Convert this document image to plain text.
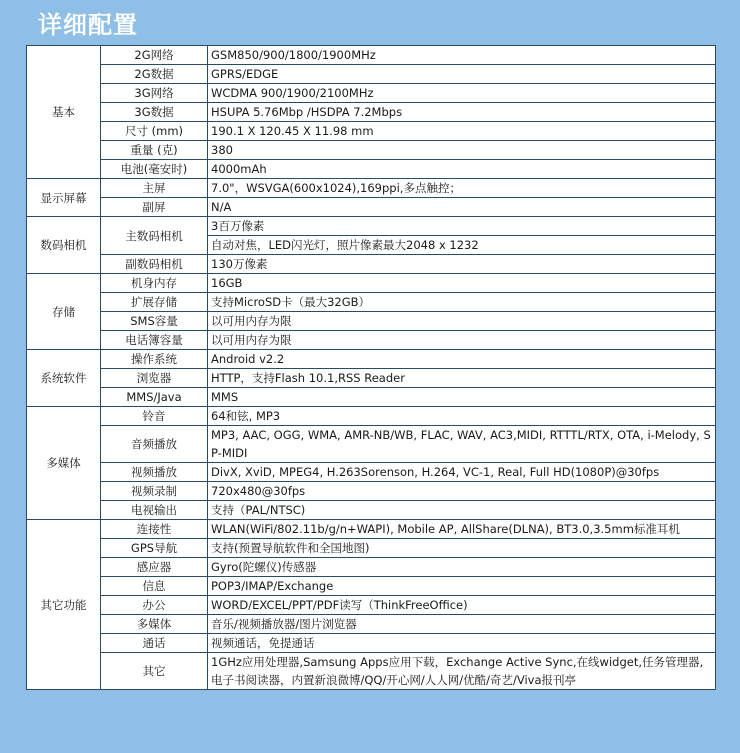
详细配置
基本	2G网络	GSM850/900/1800/1900MHz
	2G数据	GPRS/EDGE
	3G网络	WCDMA 900/1900/2100MHz
	3G数据	HSUPA 5.76Mbp /HSDPA 7.2Mbps
	尺寸 (mm)	190.1 X 120.45 X 11.98 mm
	重量 (克)	380
	电池(毫安时)	4000mAh
显示屏幕	主屏	7.0"，WSVGA(600x1024),169ppi,多点触控；
	副屏	N/A
数码相机	主数码相机	3百万像素
		自动对焦，LED闪光灯，照片像素最大2048 x 1232
	副数码相机	130万像素
存储	机身内存	16GB
	扩展存储	支持MicroSD卡（最大32GB）
	SMS容量	以可用内存为限
	电话簿容量	以可用内存为限
系统软件	操作系统	Android v2.2
	浏览器	HTTP，支持Flash 10.1,RSS Reader
	MMS/Java	MMS
多媒体	铃音	64和铉, MP3
	音频播放	MP3, AAC, OGG, WMA, AMR-NB/WB, FLAC, WAV, AC3,MIDI, RTTTL/RTX, OTA, i-Melody, SP-MIDI
	视频播放	DivX, XviD, MPEG4, H.263Sorenson, H.264, VC-1, Real, Full HD(1080P)@30fps
	视频录制	720x480@30fps
	电视输出	支持（PAL/NTSC)
其它功能	连接性	WLAN(WiFi/802.11b/g/n+WAPI), Mobile AP, AllShare(DLNA), BT3.0,3.5mm标准耳机
	GPS导航	支持(预置导航软件和全国地图)
	感应器	Gyro(陀螺仪)传感器
	信息	POP3/IMAP/Exchange
	办公	WORD/EXCEL/PPT/PDF读写（ThinkFreeOffice)
	多媒体	音乐/视频播放器/图片浏览器
	通话	视频通话，免提通话
	其它	1GHz应用处理器,Samsung Apps应用下载，Exchange Active Sync,在线widget,任务管理器,电子书阅读器，内置新浪微博/QQ/开心网/人人网/优酷/奇艺/Viva报刊亭
